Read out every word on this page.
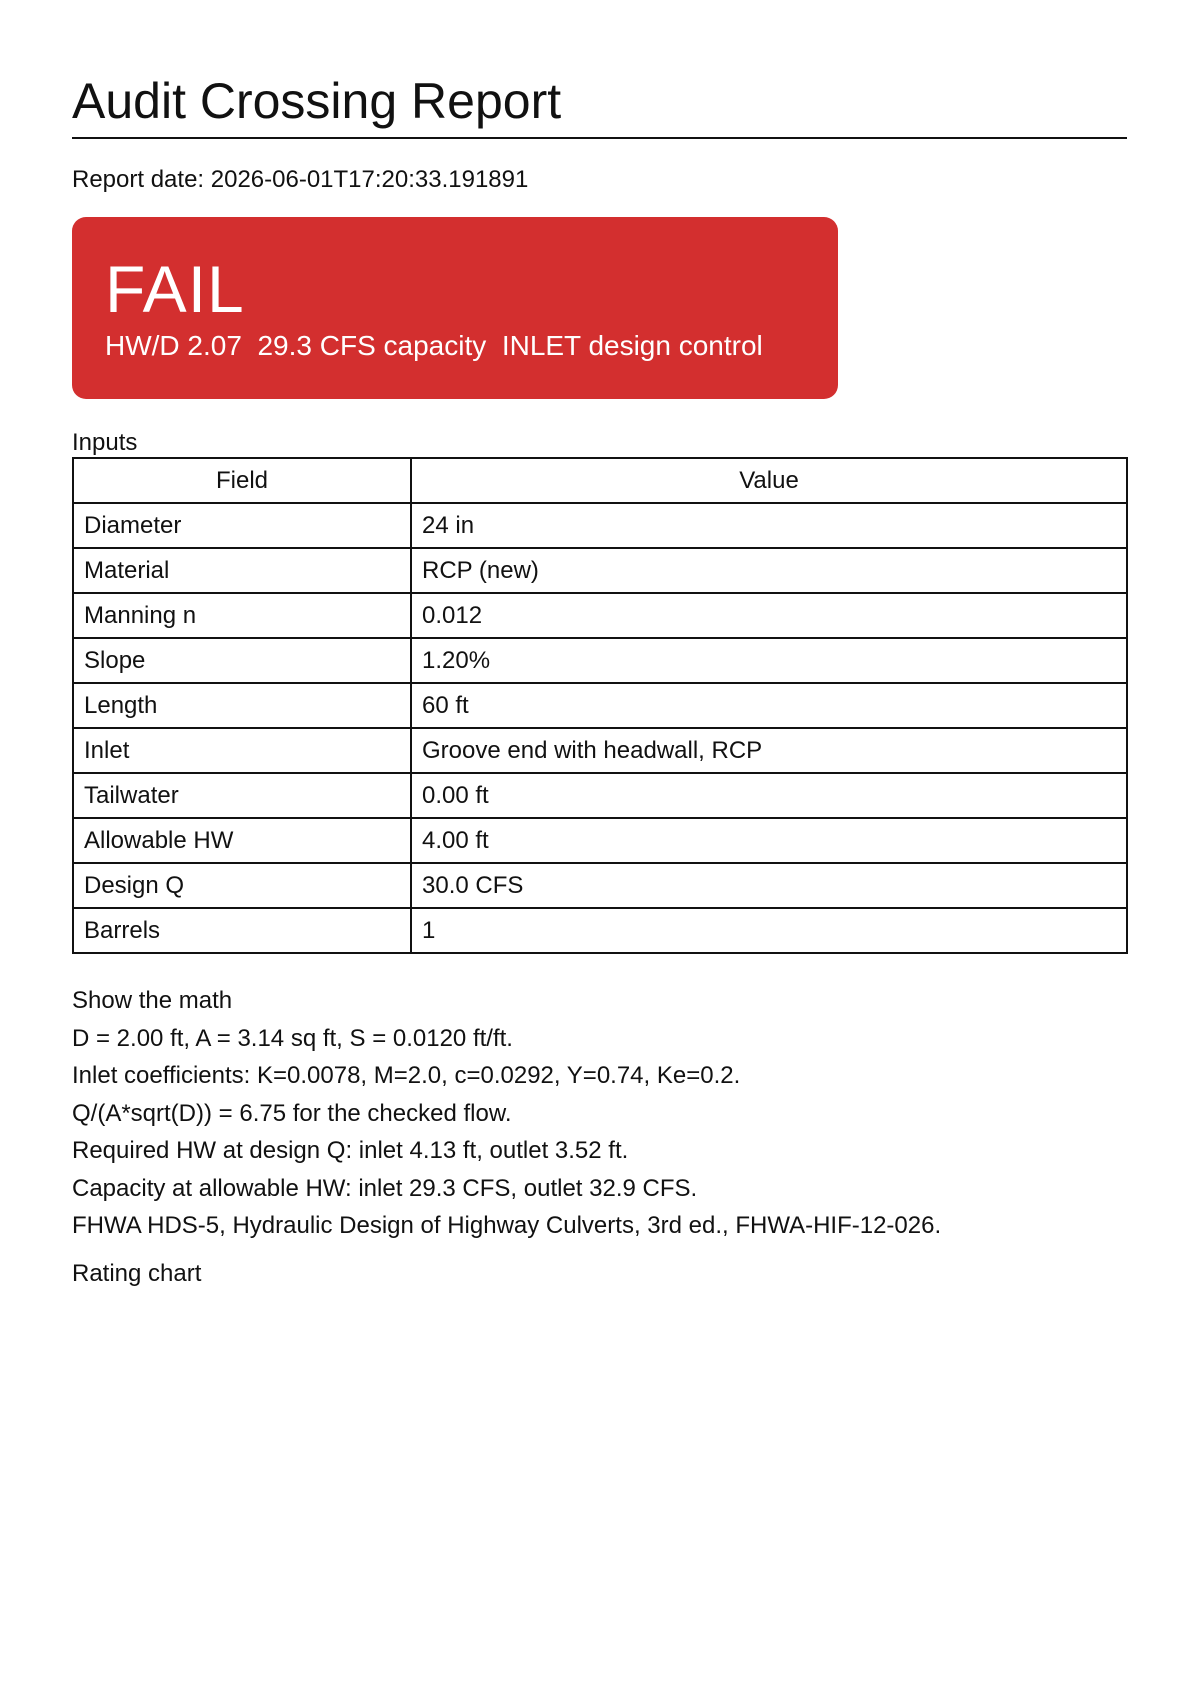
Audit Crossing Report
Report date: 2026-06-01T17:20:33.191891
FAIL
HW/D 2.07  29.3 CFS capacity  INLET design control
Inputs
Field	Value
Diameter	24 in
Material	RCP (new)
Manning n	0.012
Slope	1.20%
Length	60 ft
Inlet	Groove end with headwall, RCP
Tailwater	0.00 ft
Allowable HW	4.00 ft
Design Q	30.0 CFS
Barrels	1
Show the math
D = 2.00 ft, A = 3.14 sq ft, S = 0.0120 ft/ft.
Inlet coefficients: K=0.0078, M=2.0, c=0.0292, Y=0.74, Ke=0.2.
Q/(A*sqrt(D)) = 6.75 for the checked flow.
Required HW at design Q: inlet 4.13 ft, outlet 3.52 ft.
Capacity at allowable HW: inlet 29.3 CFS, outlet 32.9 CFS.
FHWA HDS-5, Hydraulic Design of Highway Culverts, 3rd ed., FHWA-HIF-12-026.
Rating chart
